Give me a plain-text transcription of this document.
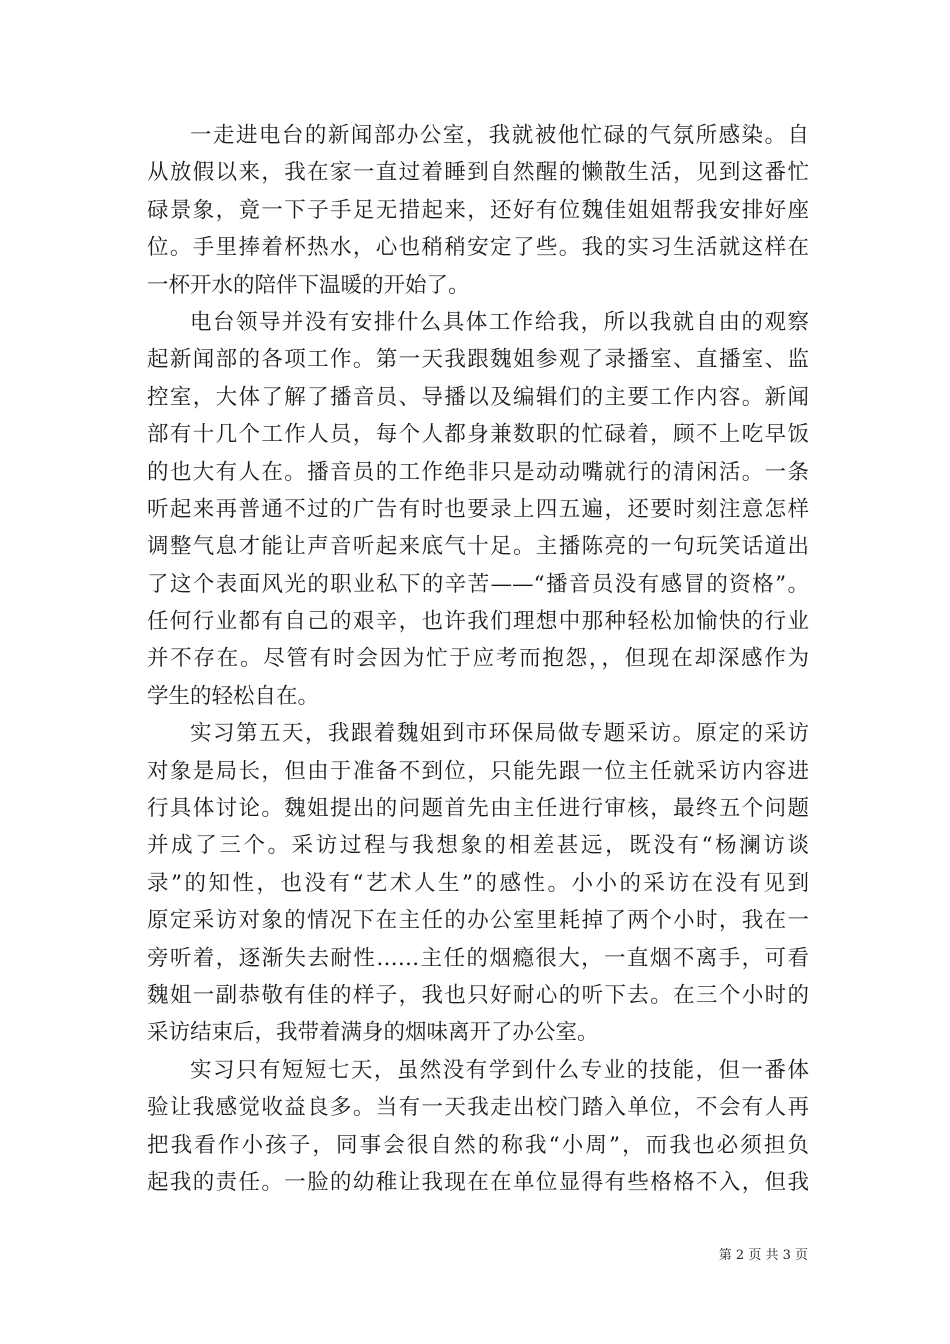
一走进电台的新闻部办公室，我就被他忙碌的气氛所感染。自
从放假以来，我在家一直过着睡到自然醒的懒散生活，见到这番忙
碌景象，竟一下子手足无措起来，还好有位魏佳姐姐帮我安排好座
位。手里捧着杯热水，心也稍稍安定了些。我的实习生活就这样在
一杯开水的陪伴下温暖的开始了。
电台领导并没有安排什么具体工作给我，所以我就自由的观察
起新闻部的各项工作。第一天我跟魏姐参观了录播室、直播室、监
控室，大体了解了播音员、导播以及编辑们的主要工作内容。新闻
部有十几个工作人员，每个人都身兼数职的忙碌着，顾不上吃早饭
的也大有人在。播音员的工作绝非只是动动嘴就行的清闲活。一条
听起来再普通不过的广告有时也要录上四五遍，还要时刻注意怎样
调整气息才能让声音听起来底气十足。主播陈亮的一句玩笑话道出
了这个表面风光的职业私下的辛苦——“播音员没有感冒的资格”。
任何行业都有自己的艰辛，也许我们理想中那种轻松加愉快的行业
并不存在。尽管有时会因为忙于应考而抱怨，，但现在却深感作为
学生的轻松自在。
实习第五天，我跟着魏姐到市环保局做专题采访。原定的采访
对象是局长，但由于准备不到位，只能先跟一位主任就采访内容进
行具体讨论。魏姐提出的问题首先由主任进行审核，最终五个问题
并成了三个。采访过程与我想象的相差甚远，既没有“杨澜访谈
录”的知性，也没有“艺术人生”的感性。小小的采访在没有见到
原定采访对象的情况下在主任的办公室里耗掉了两个小时，我在一
旁听着，逐渐失去耐性……主任的烟瘾很大，一直烟不离手，可看
魏姐一副恭敬有佳的样子，我也只好耐心的听下去。在三个小时的
采访结束后，我带着满身的烟味离开了办公室。
实习只有短短七天，虽然没有学到什么专业的技能，但一番体
验让我感觉收益良多。当有一天我走出校门踏入单位，不会有人再
把我看作小孩子，同事会很自然的称我“小周”，而我也必须担负
起我的责任。一脸的幼稚让我现在在单位显得有些格格不入，但我
第 2 页 共 3 页
